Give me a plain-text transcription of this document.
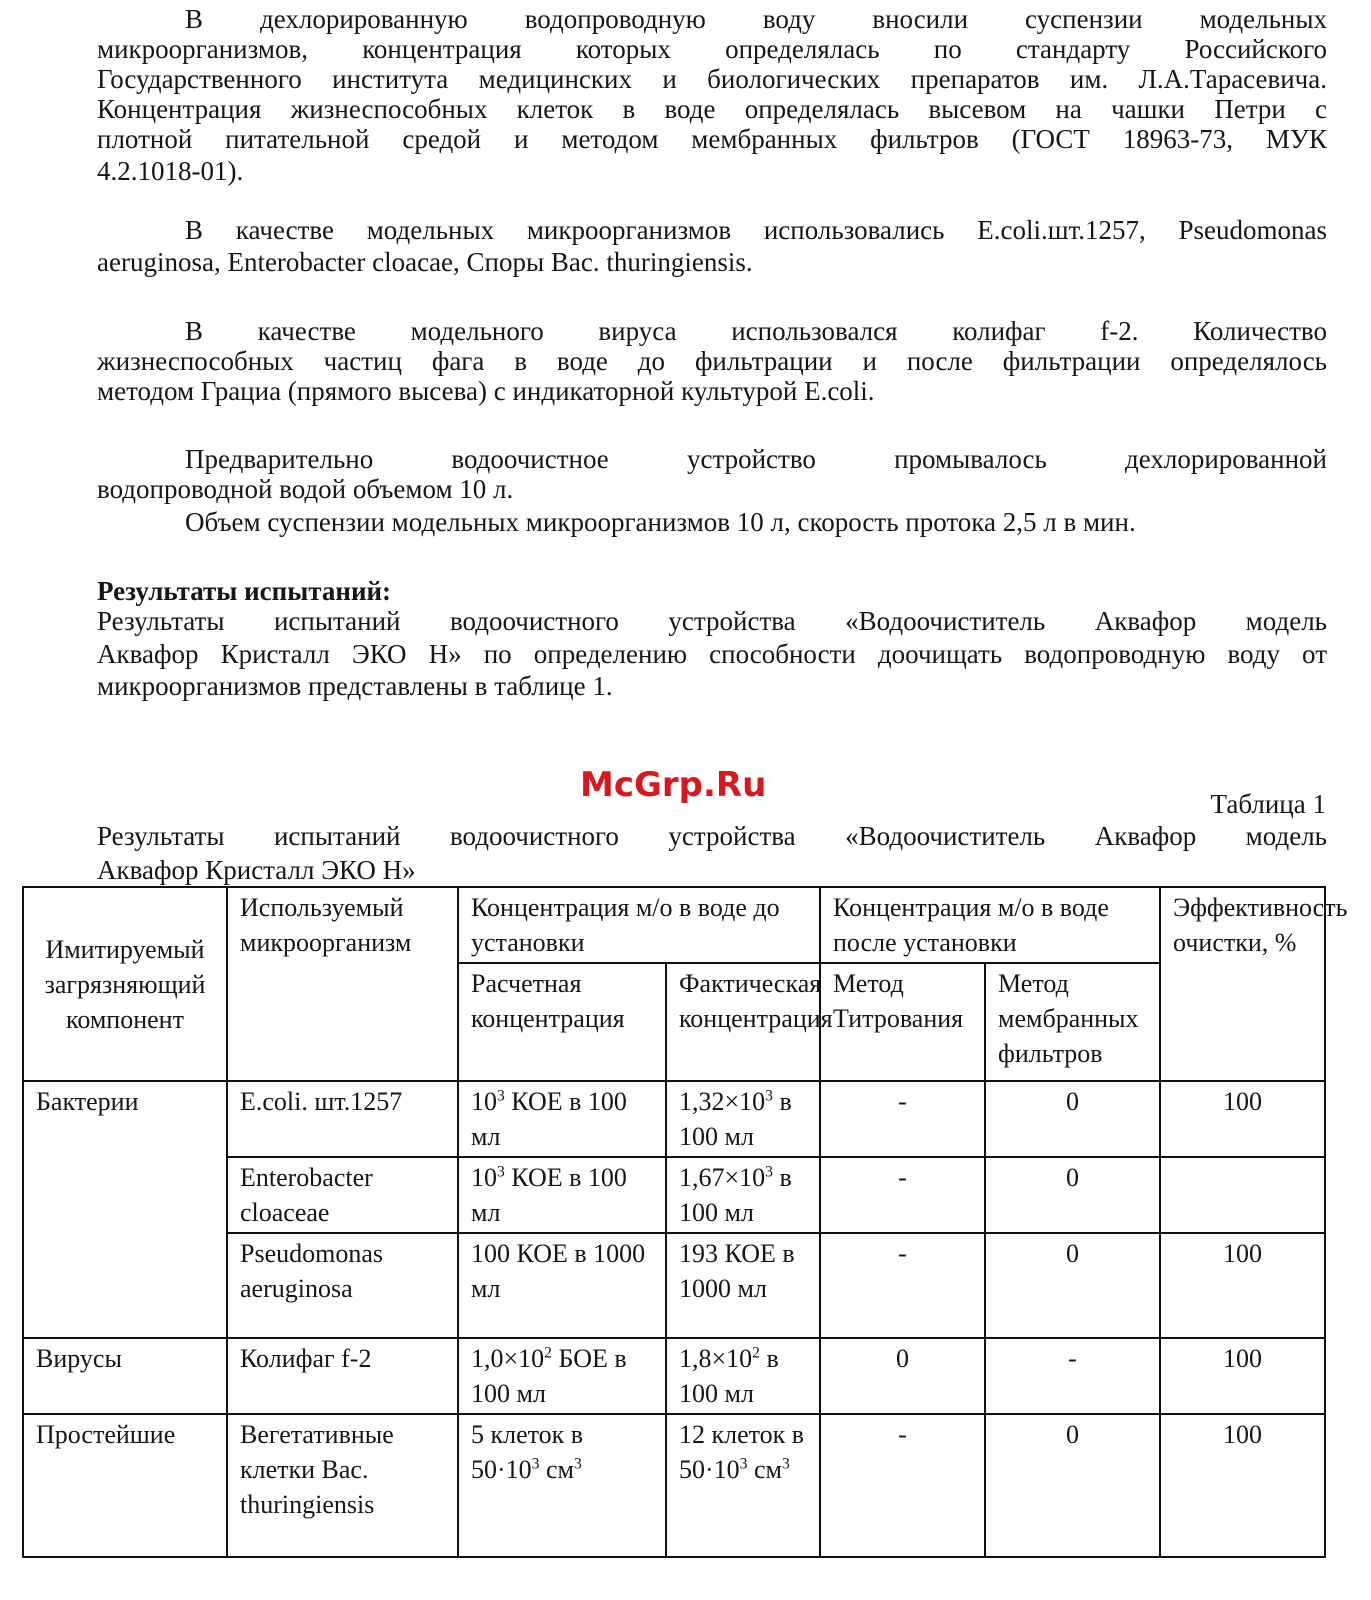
В дехлорированную водопроводную воду вносили суспензии модельных
микроорганизмов, концентрация которых определялась по стандарту Российского
Государственного института медицинских и биологических препаратов им. Л.А.Тарасевича.
Концентрация жизнеспособных клеток в воде определялась высевом на чашки Петри с
плотной питательной средой и методом мембранных фильтров (ГОСТ 18963-73, МУК
4.2.1018-01).
В качестве модельных микроорганизмов использовались E.coli.шт.1257, Pseudomonas
aeruginosa, Enterobacter cloacae, Споры Bac. thuringiensis.
В качестве модельного вируса использовался колифаг f-2. Количество
жизнеспособных частиц фага в воде до фильтрации и после фильтрации определялось
методом Грациа (прямого высева) с индикаторной культурой E.coli.
Предварительно водоочистное устройство промывалось дехлорированной
водопроводной водой объемом 10 л.
Объем суспензии модельных микроорганизмов 10 л, скорость протока 2,5 л в мин.
Результаты испытаний:
Результаты испытаний водоочистного устройства «Водоочиститель Аквафор модель
Аквафор Кристалл ЭКО Н» по определению способности доочищать водопроводную воду от
микроорганизмов представлены в таблице 1.
McGrp.Ru	Таблица 1
Результаты испытаний водоочистного устройства «Водоочиститель Аквафор модель
Аквафор Кристалл ЭКО Н»
Имитируемый загрязняющий компонент	Используемый микроорганизм	Концентрация м/о в воде до установки		Концентрация м/о в воде после установки		Эффективность очистки, %
		Расчетная концентрация	Фактическая концентрация	Метод Титрования	Метод мембранных фильтров	
Бактерии	E.coli. шт.1257	$10^3$ КОЕ в 100 мл	$1,32\times 10^3$ в 100 мл	-	0	100
	Enterobacter cloaceae	$10^3$ КОЕ в 100 мл	$1,67\times 10^3$ в 100 мл	-	0	
	Pseudomonas aeruginosa	100 КОЕ в 1000 мл	193 КОЕ в 1000 мл	-	0	100
Вирусы	Колифаг f-2	$1,0\times 10^2$ БОЕ в 100 мл	$1,8\times 10^2$ в 100 мл	0	-	100
Простейшие	Вегетативные клетки Bac. thuringiensis	5 клеток в $50\cdot 10^3$ $см^3$	12 клеток в $50\cdot 10^3$ $см^3$	-	0	100
